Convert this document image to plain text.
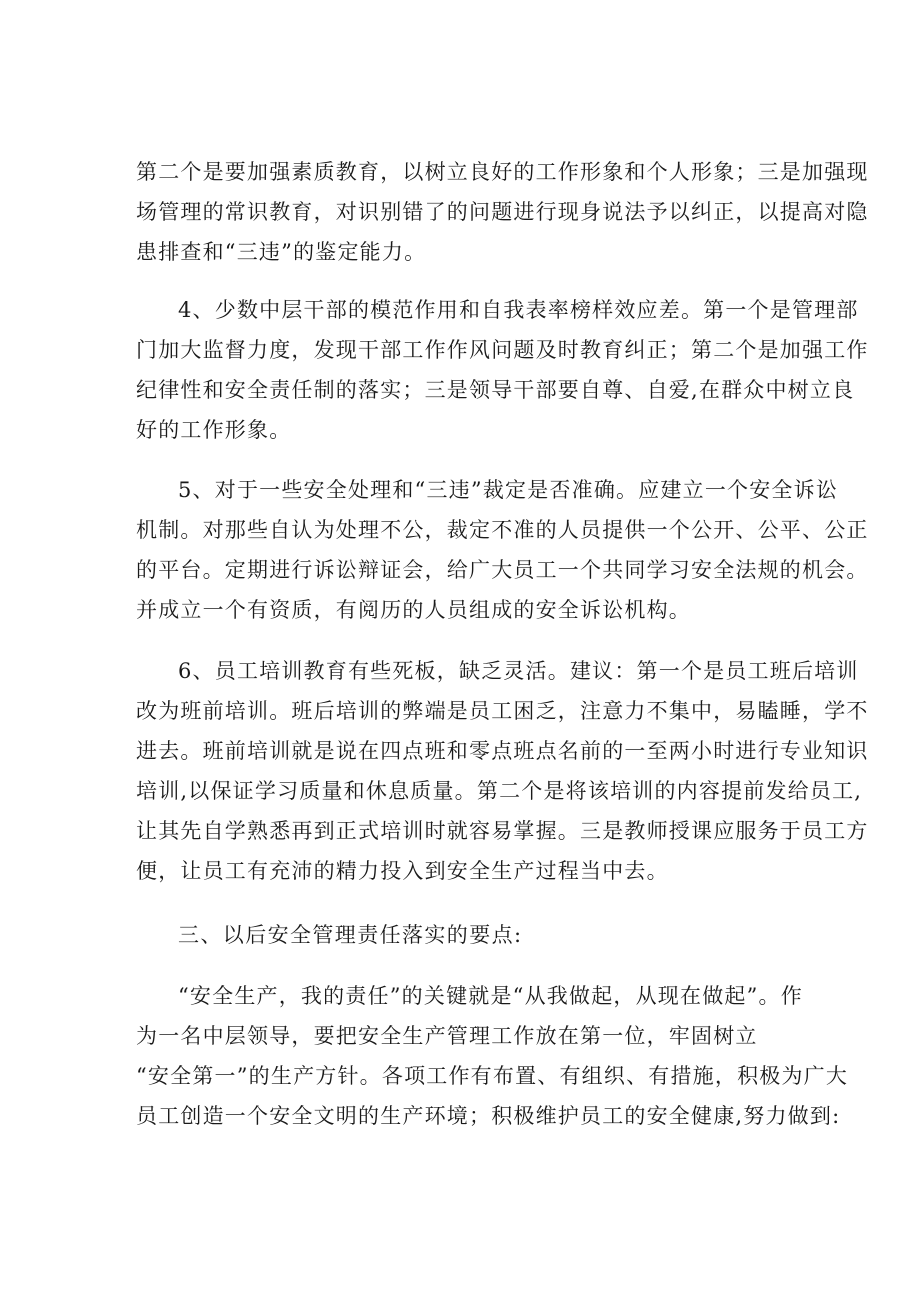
第二个是要加强素质教育，以树立良好的工作形象和个人形象；三是加强现
场管理的常识教育，对识别错了的问题进行现身说法予以纠正，以提高对隐
患排查和“三违”的鉴定能力。
4、少数中层干部的模范作用和自我表率榜样效应差。第一个是管理部
门加大监督力度，发现干部工作作风问题及时教育纠正；第二个是加强工作
纪律性和安全责任制的落实；三是领导干部要自尊、自爱,在群众中树立良
好的工作形象。
5、对于一些安全处理和“三违”裁定是否准确。应建立一个安全诉讼
机制。对那些自认为处理不公，裁定不准的人员提供一个公开、公平、公正
的平台。定期进行诉讼辩证会，给广大员工一个共同学习安全法规的机会。
并成立一个有资质，有阅历的人员组成的安全诉讼机构。
6、员工培训教育有些死板，缺乏灵活。建议：第一个是员工班后培训
改为班前培训。班后培训的弊端是员工困乏，注意力不集中，易瞌睡，学不
进去。班前培训就是说在四点班和零点班点名前的一至两小时进行专业知识
培训,以保证学习质量和休息质量。第二个是将该培训的内容提前发给员工,
让其先自学熟悉再到正式培训时就容易掌握。三是教师授课应服务于员工方
便，让员工有充沛的精力投入到安全生产过程当中去。
三、以后安全管理责任落实的要点:
“安全生产，我的责任”的关键就是“从我做起，从现在做起”。作
为一名中层领导，要把安全生产管理工作放在第一位，牢固树立
“安全第一”的生产方针。各项工作有布置、有组织、有措施，积极为广大
员工创造一个安全文明的生产环境；积极维护员工的安全健康,努力做到:
